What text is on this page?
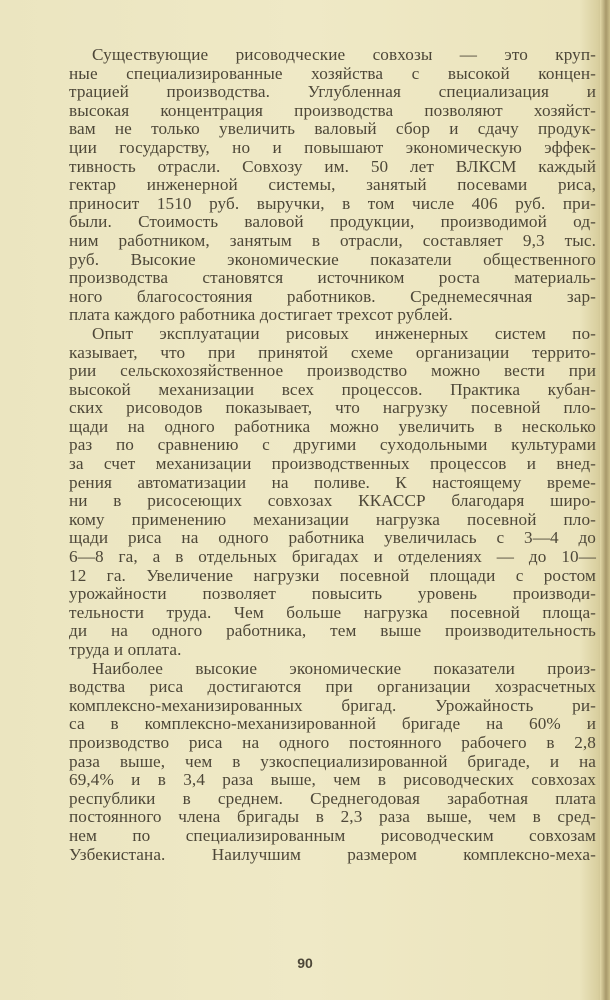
Существующие рисоводческие совхозы — это круп-
ные специализированные хозяйства с высокой концен-
трацией производства. Углубленная специализация и
высокая концентрация производства позволяют хозяйст-
вам не только увеличить валовый сбор и сдачу продук-
ции государству, но и повышают экономическую эффек-
тивность отрасли. Совхозу им. 50 лет ВЛКСМ каждый
гектар инженерной системы, занятый посевами риса,
приносит 1510 руб. выручки, в том числе 406 руб. при-
были. Стоимость валовой продукции, производимой од-
ним работником, занятым в отрасли, составляет 9,3 тыс.
руб. Высокие экономические показатели общественного
производства становятся источником роста материаль-
ного благосостояния работников. Среднемесячная зар-
плата каждого работника достигает трехсот рублей.
Опыт эксплуатации рисовых инженерных систем по-
казывает, что при принятой схеме организации террито-
рии сельскохозяйственное производство можно вести при
высокой механизации всех процессов. Практика кубан-
ских рисоводов показывает, что нагрузку посевной пло-
щади на одного работника можно увеличить в несколько
раз по сравнению с другими суходольными культурами
за счет механизации производственных процессов и внед-
рения автоматизации на поливе. К настоящему време-
ни в рисосеющих совхозах ККАССР благодаря широ-
кому применению механизации нагрузка посевной пло-
щади риса на одного работника увеличилась с 3—4 до
6—8 га, а в отдельных бригадах и отделениях — до 10—
12 га. Увеличение нагрузки посевной площади с ростом
урожайности позволяет повысить уровень производи-
тельности труда. Чем больше нагрузка посевной площа-
ди на одного работника, тем выше производительность
труда и оплата.
Наиболее высокие экономические показатели произ-
водства риса достигаются при организации хозрасчетных
комплексно-механизированных бригад. Урожайность ри-
са в комплексно-механизированной бригаде на 60% и
производство риса на одного постоянного рабочего в 2,8
раза выше, чем в узкоспециализированной бригаде, и на
69,4% и в 3,4 раза выше, чем в рисоводческих совхозах
республики в среднем. Среднегодовая заработная плата
постоянного члена бригады в 2,3 раза выше, чем в сред-
нем по специализированным рисоводческим совхозам
Узбекистана. Наилучшим размером комплексно-меха-
90
